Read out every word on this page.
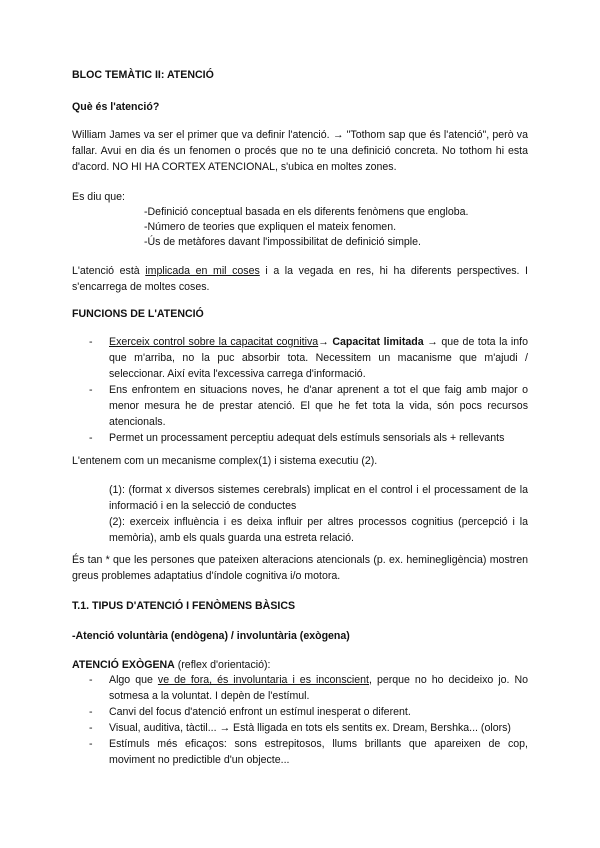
BLOC TEMÀTIC II: ATENCIÓ
Què és l'atenció?
William James va ser el primer que va definir l'atenció. → "Tothom sap que és l'atenció", però va fallar. Avui en dia és un fenomen o procés que no te una definició concreta. No tothom hi esta d'acord. NO HI HA CORTEX ATENCIONAL, s'ubica en moltes zones.
Es diu que:
-Definició conceptual basada en els diferents fenòmens que engloba.
-Número de teories que expliquen el mateix fenomen.
-Ús de metàfores davant l'impossibilitat de definició simple.
L'atenció està implicada en mil coses i a la vegada en res, hi ha diferents perspectives. I s'encarrega de moltes coses.
FUNCIONS DE L'ATENCIÓ
- Exerceix control sobre la capacitat cognitiva→ Capacitat limitada → que de tota la info que m'arriba, no la puc absorbir tota. Necessitem un macanisme que m'ajudi / seleccionar. Així evita l'excessiva carrega d'informació.
- Ens enfrontem en situacions noves, he d'anar aprenent a tot el que faig amb major o menor mesura he de prestar atenció. El que he fet tota la vida, són pocs recursos atencionals.
- Permet un processament perceptiu adequat dels estímuls sensorials als + rellevants
L'entenem com un mecanisme complex(1) i sistema executiu (2).

(1): (format x diversos sistemes cerebrals) implicat en el control i el processament de la informació i en la selecció de conductes

(2): exerceix influència i es deixa influir per altres processos cognitius (percepció i la memòria), amb els quals guarda una estreta relació.

És tan * que les persones que pateixen alteracions atencionals (p. ex. heminegligència) mostren greus problemes adaptatius d'índole cognitiva i/o motora.
T.1. TIPUS D'ATENCIÓ I FENÒMENS BÀSICS
-Atenció voluntària (endògena) / involuntària (exògena)
ATENCIÓ EXÒGENA (reflex d'orientació):
- Algo que ve de fora, és involuntaria i es inconscient, perque no ho decideixo jo. No sotmesa a la voluntat. I depèn de l'estímul.
- Canvi del focus d'atenció enfront un estímul inesperat o diferent.
- Visual, auditiva, tàctil... → Està lligada en tots els sentits ex. Dream, Bershka... (olors)
- Estímuls més eficaços: sons estrepitosos, llums brillants que apareixen de cop, moviment no predictible d'un objecte...
